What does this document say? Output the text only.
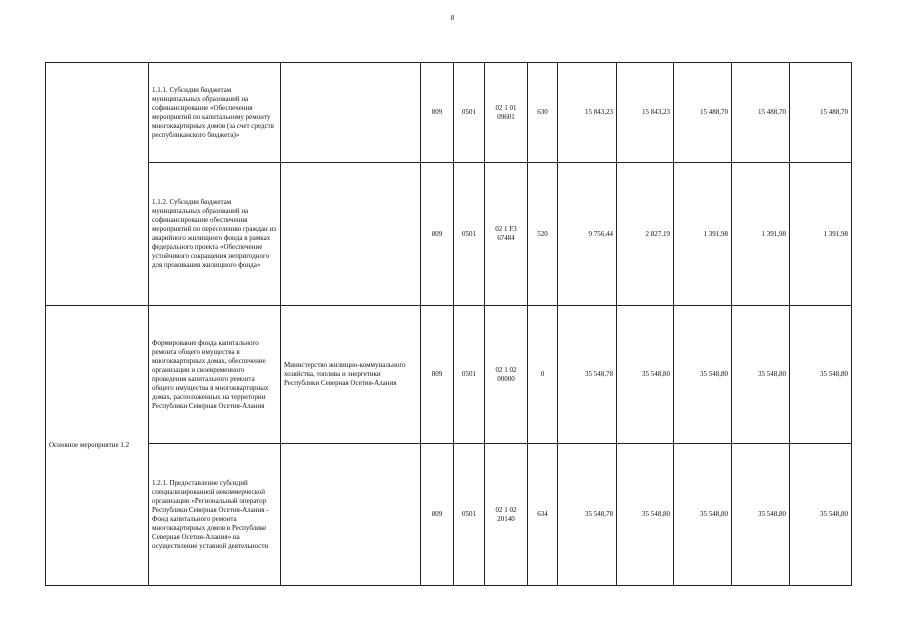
8
	1.1.1. Субсидии бюджетам муниципальных образований на софинансирование «Обеспечения мероприятий по капитальному ремонту многоквартирных домов (за счет средств республиканского бюджета)»		809	0501	02 1 01 09601	630	15 843,23	15 843,23	15 488,70	15 488,70	15 488,70
	1.1.2. Субсидии бюджетам муниципальных образований на софинансирование обеспечения мероприятий по переселению граждан из аварийного жилищного фонда в рамках федерального проекта «Обеспечение устойчивого сокращения непригодного для проживания жилищного фонда»		809	0501	02 1 F3 67484	520	9 756,44	2 827,19	1 391,98	1 391,98	1 391,98
Основное мероприятие 1.2	Формирование фонда капитального ремонта общего имущества в многоквартирных домах, обеспечение организации и своевременного проведения капитального ремонта общего имущества в многоквартирных домах, расположенных на территории Республики Северная Осетия-Алания	Министерство жилищно-коммунального хозяйства, топлива и энергетики Республики Северная Осетия-Алания	809	0501	02 1 02 00000	0	35 548,78	35 548,80	35 548,80	35 548,80	35 548,80
	1.2.1. Предоставление субсидий специализированной некоммерческой организации «Региональный оператор Республики Северная Осетия-Алания - Фонд капитального ремонта многоквартирных домов в Республике Северная Осетия-Алания» на осуществление уставной деятельности		809	0501	02 1 02 20140	634	35 548,78	35 548,80	35 548,80	35 548,80	35 548,80
